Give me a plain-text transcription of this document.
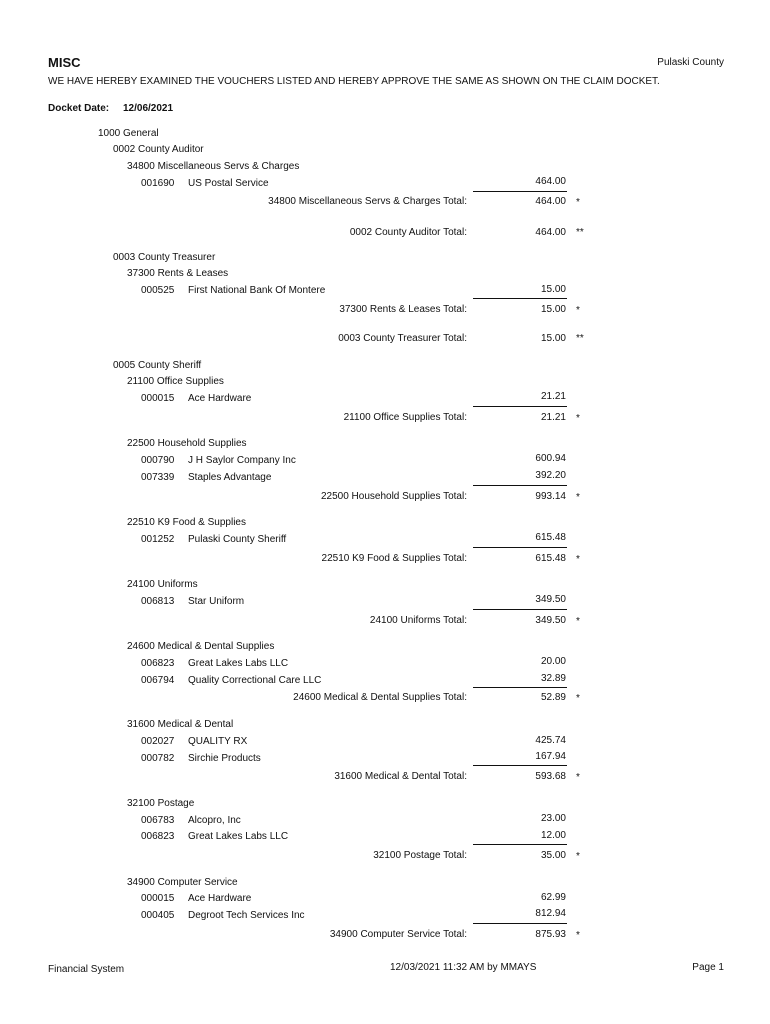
MISC	Pulaski County
WE HAVE HEREBY EXAMINED THE VOUCHERS LISTED AND HEREBY APPROVE THE SAME AS SHOWN ON THE CLAIM DOCKET.
Docket Date: 12/06/2021
1000 General
0002 County Auditor
34800 Miscellaneous Servs & Charges
001690 US Postal Service	464.00
34800 Miscellaneous Servs & Charges Total:	464.00 *
0002 County Auditor Total:	464.00 **
0003 County Treasurer
37300 Rents & Leases
000525 First National Bank Of Montere	15.00
37300 Rents & Leases Total:	15.00 *
0003 County Treasurer Total:	15.00 **
0005 County Sheriff
21100 Office Supplies
000015 Ace Hardware	21.21
21100 Office Supplies Total:	21.21 *
22500 Household Supplies
000790 J H Saylor Company Inc	600.94
007339 Staples Advantage	392.20
22500 Household Supplies Total:	993.14 *
22510 K9 Food & Supplies
001252 Pulaski County Sheriff	615.48
22510 K9 Food & Supplies Total:	615.48 *
24100 Uniforms
006813 Star Uniform	349.50
24100 Uniforms Total:	349.50 *
24600 Medical & Dental Supplies
006823 Great Lakes Labs LLC	20.00
006794 Quality Correctional Care LLC	32.89
24600 Medical & Dental Supplies Total:	52.89 *
31600 Medical & Dental
002027 QUALITY RX	425.74
000782 Sirchie Products	167.94
31600 Medical & Dental Total:	593.68 *
32100 Postage
006783 Alcopro, Inc	23.00
006823 Great Lakes Labs LLC	12.00
32100 Postage Total:	35.00 *
34900 Computer Service
000015 Ace Hardware	62.99
000405 Degroot Tech Services Inc	812.94
34900 Computer Service Total:	875.93 *
Financial System	12/03/2021 11:32 AM by MMAYS	Page 1
